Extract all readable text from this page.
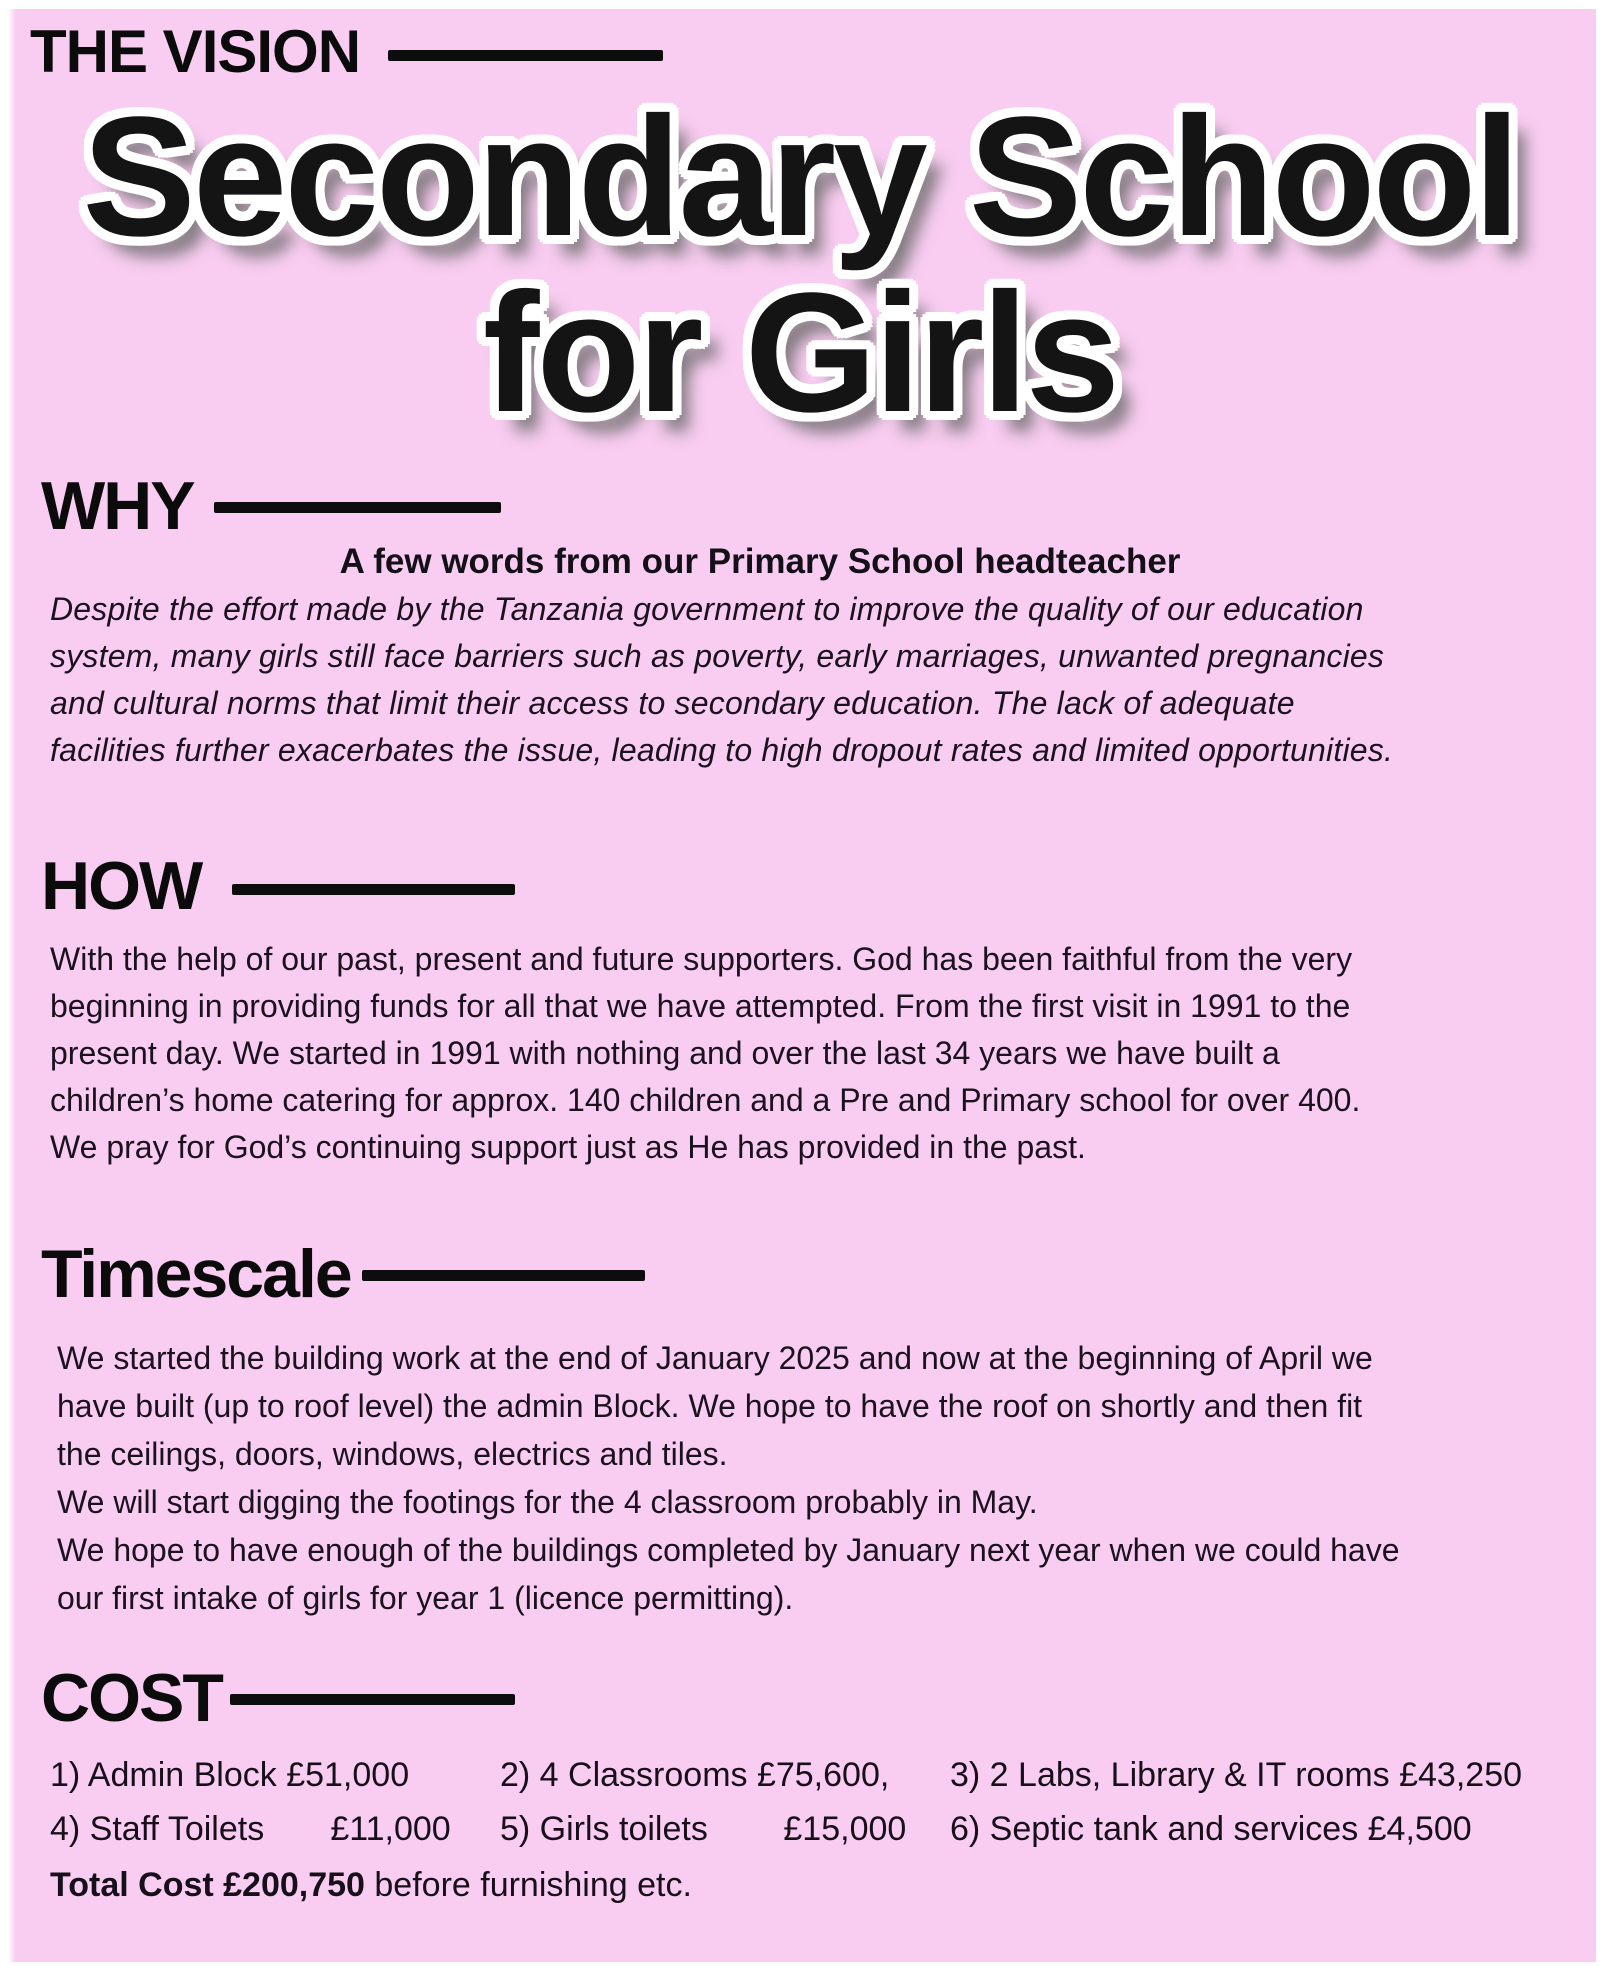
THE VISION
Secondary School
for Girls
WHY
A few words from our Primary School headteacher
Despite the effort made by the Tanzania government to improve the quality of our education
system, many girls still face barriers such as poverty, early marriages, unwanted pregnancies
and cultural norms that limit their access to secondary education. The lack of adequate
facilities further exacerbates the issue, leading to high dropout rates and limited opportunities.
HOW
With the help of our past, present and future supporters. God has been faithful from the very
beginning in providing funds for all that we have attempted. From the first visit in 1991 to the
present day. We started in 1991 with nothing and over the last 34 years we have built a
children’s home catering for approx. 140 children and a Pre and Primary school for over 400.
We pray for God’s continuing support just as He has provided in the past.
Timescale
We started the building work at the end of January 2025 and now at the beginning of April we
have built (up to roof level) the admin Block. We hope to have the roof on shortly and then fit
the ceilings, doors, windows, electrics and tiles.
We will start digging the footings for the 4 classroom probably in May.
We hope to have enough of the buildings completed by January next year when we could have
our first intake of girls for year 1 (licence permitting).
COST
1) Admin Block £51,000	2) 4 Classrooms £75,600, 3) 2 Labs, Library & IT rooms £43,250
4) Staff Toilets       £11,000 5) Girls toilets        £15,000 6) Septic tank and services £4,500
Total Cost £200,750 before furnishing etc.
